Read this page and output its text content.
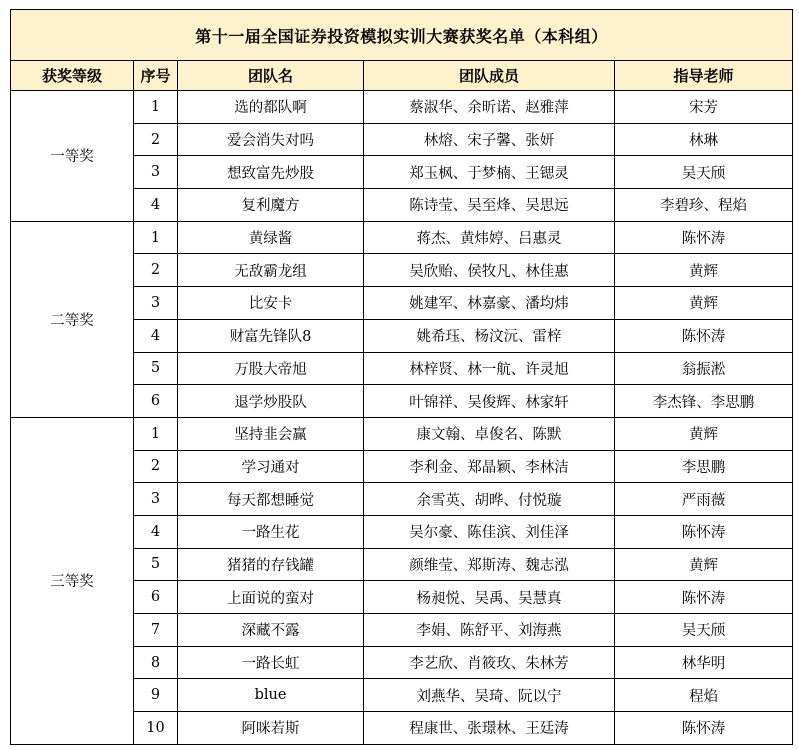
第十一届全国证券投资模拟实训大赛获奖名单（本科组）				
获奖等级	序号	团队名	团队成员	指导老师
一等奖	1	选的都队啊	蔡淑华、余昕诺、赵雅萍	宋芳
	2	爱会消失对吗	林熔、宋子馨、张妍	林琳
	3	想致富先炒股	郑玉枫、于梦楠、王锶灵	吴天颀
	4	复利魔方	陈诗莹、吴至烽、吴思远	李碧珍、程焰
二等奖	1	黄绿酱	蒋杰、黄炜婷、吕惠灵	陈怀涛
	2	无敌霸龙组	吴欣贻、侯牧凡、林佳惠	黄辉
	3	比安卡	姚建军、林嘉豪、潘均炜	黄辉
	4	财富先锋队8	姚希珏、杨汶沅、雷梓	陈怀涛
	5	万股大帝旭	林梓贤、林一航、许灵旭	翁振淞
	6	退学炒股队	叶锦祥、吴俊辉、林家轩	李杰锋、李思鹏
三等奖	1	坚持韭会赢	康文翰、卓俊名、陈默	黄辉
	2	学习通对	李利金、郑晶颖、李林洁	李思鹏
	3	每天都想睡觉	余雪英、胡晔、付悦璇	严雨薇
	4	一路生花	吴尔豪、陈佳滨、刘佳泽	陈怀涛
	5	猪猪的存钱罐	颜维莹、郑斯涛、魏志泓	黄辉
	6	上面说的蛮对	杨昶悦、吴禹、吴慧真	陈怀涛
	7	深藏不露	李娟、陈舒平、刘海燕	吴天颀
	8	一路长虹	李艺欣、肖筱玫、朱林芳	林华明
	9	blue	刘燕华、吴琦、阮以宁	程焰
	10	阿咪若斯	程康世、张璟林、王廷涛	陈怀涛
